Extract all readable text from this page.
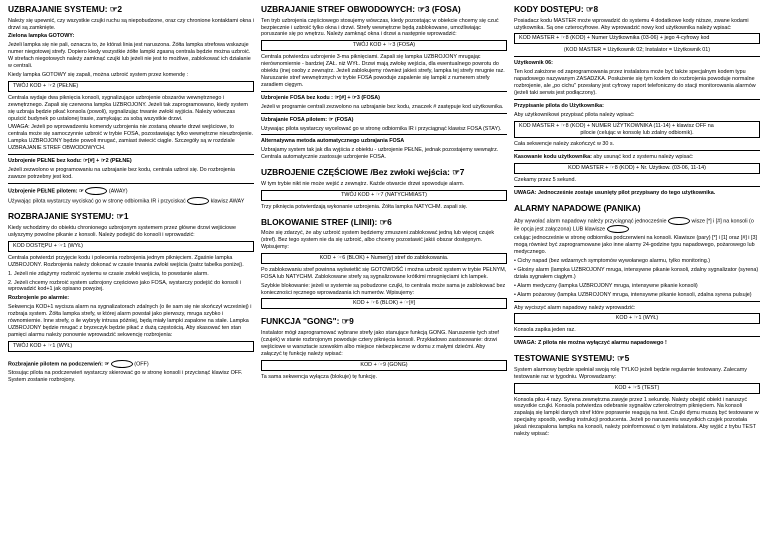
UZBRAJANIE SYSTEMU: ☞2

Należy się upewnić, czy wszystkie czujki ruchu są niepobudzone, oraz czy chronione kontaktami okna i drzwi są zamknięte.

Zielona lampka GOTOWY:

Jeżeli lampka się nie pali, oznacza to, że któraś linia jest naruszona. Żółta lampka strefowa wskazuje numer niegotowej strefy. Dopiero kiedy wszystkie żółte lampki zgasną centrala będzie można uzbroić. W strefach niegotowych należy zamknąć czujki lub jeżeli nie jest to możliwe, zablokować ich działanie w centrali.

Kiedy lampka GOTOWY się zapali, można uzbroić system przez komendę :

TWÓJ KOD + ☞2 (PEŁNE)

Centrala wydaje dwa piknięcia konsoli, sygnalizujące uzbrojenie obszarów wewnętrznego i zewnętrznego. Zapali się czerwona lampka UZBROJONY. Jeżeli tak zaprogramowano, kiedy system się uzbraja będzie pikać konsola (powoli), sygnalizując trwanie zwłoki wyjścia. Należy wówczas opuścić budynek po ustalonej trasie, zamykając za sobą wszystkie drzwi.

UWAGA: Jeżeli po wprowadzeniu komendy uzbrojenia nie zostaną otwarte drzwi wejściowe, to centrala może się samoczynnie uzbroić w trybie FOSA, pozostawiając tylko wewnętrzne nieuzbrojenie. Lampka UZBROJONY będzie powoli mrugać, zamiast świecić ciągle. Szczegóły są w rozdziale UZBRAJANIE STREF OBWODOWYCH.

Uzbrojenie PEŁNE bez kodu: ☞[#] + ☞2 (PEŁNE)

Jeżeli zezwolono w programowaniu na uzbrajanie bez kodu, centrala uzbroi się. Do rozbrojenia zawsze potrzebny jest kod.

Uzbrojenie PEŁNE pilotem: ☞	(AWAY)

Używając pilota wystarczy wyciskać go w stronę odbiornika IR i przyciskać	klawisz AWAY

ROZBRAJANIE SYSTEMU: ☞1

Kiedy wchodzimy do obiektu chronionego uzbrojonym systemem przez główne drzwi wejściowe usłyszymy powolne pikanie z konsoli. Należy podejść do konsoli i wprowadzić:

KOD DOSTĘPU + ☞1 (WYŁ)

Centrala potwierdzi przyjęcie kodu i polecenia rozbrojenia jednym piknięciem. Zgaśnie lampka UZBROJONY. Rozbrojenia należy dokonać w czasie trwania zwłoki wejścia (patrz tabelka poniżej).

1. Jeżeli nie zdążymy rozbroić systemu w czasie zwłoki wejścia, to powstanie alarm.

2. Jeżeli chcemy rozbroić system uzbrojony częściowo jako FOSA, wystarczy podejść do konsoli i wprowadzić kod+1 jak opisano powyżej.

Rozbrojenie po alarmie:

Sekwencja KOD+1 wycisza alarm na sygnalizatorach zdalnych (o ile sam się nie skończył wcześniej) i rozbraja system. Żółta lampka strefy, w której alarm powstał jako pierwszy, mruga szybko i równomiernie. Inne strefy, o ile wybryły intrusa później, będą miały lampki zapalone na stałe. Lampka UZBROJONY będzie mrugać z bryzeczyk będzie pikać z dużą częstością. Aby skasować ten stan pamięci alarmu należy ponownie wprowadzić sekwencję rozbrojenia:

TWÓJ KOD + ☞1 (WYŁ)

Rozbrajanie pilotem na podczerwień: ☞	(OFF)

Stosując pilota na podczerwień wystarczy skierować go w stronę konsoli i przycisnąć klawisz OFF. System zostanie rozbrojony.

UZBRAJANIE STREF OBWODOWYCH: ☞3 (FOSA)

Ten tryb uzbrojenia częściowego stosujemy wówczas, kiedy pozostając w obiekcie chcemy się czuć bezpiecznie i uzbroić tylko okna i drzwi. Strefy wewnętrzne będą zablokowane, umożliwiając poruszanie się po wnętrzu. Należy zamknąć okna i drzwi a następnie wprowadzić:

TWÓJ KOD + ☞3 (FOSA)

Centrala potwierdza uzbrojenie 3-ma piknięciami. Zapali się lampka UZBROJONY mrugając nierównomiernie - bardziej ZAŁ. niż WYŁ. Drzwi mają zwłokę wejścia, dla ewentualnego powrotu do obiektu (inej osoby z zewnątrz. Jeżeli zablokujemy również jakieś strefy, lampka tej strefy mrugnie raz. Naruszanie stref wewnętrznych w trybie FOSA powoduje zapalenie się lampki z numerem strefy zaradiem cięgym.

Uzbrojenie FOSA bez kodu : ☞[#] + ☞3 (FOSA)

Jeżeli w programie centrali zezwolono na uzbrajanie bez kodu, znaczek # zastępuje kod użytkownika.

Uzbrajanie FOSA pilotem: ☞ (FOSA)

Używając pilota wystarczy wycelować go w stronę odbiornika IR i przyciągnąć klawisz FOSA (STAY).

Alternatywna metoda automatycznego uzbrajania FOSA

Uzbrajamy system tak jak dla wyjścia z obiektu - uzbrojenie PEŁNE, jednak pozostajemy wewnątrz. Centrala automatycznie zastosuje uzbrojenie FOSA.

UZBROJENIE CZĘŚCIOWE /Bez zwłoki wejścia: ☞7

W tym trybie nikt nie może wejść z zewnątrz. Każde otwarcie drzwi spowoduje alarm.

TWÓJ KOD + ☞7 (NATYCHMIAST)

Trzy piknięcia potwierdzają wykonanie uzbrojenia. Żółta lampka NATYCHM. zapali się.

BLOKOWANIE STREF (LINII): ☞6

Może się zdarzyć, że aby uzbroić system będziemy zmuszeni zablokować jedną lub więcej czujek (stref). Bez tego system nie da się uzbroić, albo chcemy pozostawić jakiś obszar dostępnym. Wpisujemy:

KOD + ☞6 (BLOK) + Numer(y) stref do zablokowania.

Po zablokowaniu stref powinna wyświetlić się GOTOWOŚĆ i można uzbroić system w trybie PEŁNYM, FOSA lub NATYCHM. Zablokowane strefy są sygnalizowane krótkimi mrugnięciami ich lampek.

Szybkie blokowanie: jeżeli w systemie są pobudzone czujki, to centrala może sama je zablokować bez konieczności ręcznego wprowadzania ich numerów. Wpisujemy:

KOD + ☞6 (BLOK) + ☞[#]
FUNKCJA "GONG": ☞9

Instalator mógł zaprogramować wybrane strefy jako stanujące funkcją GONG. Naruszenie tych stref (czujek) w stanie rozbrojonym powoduje cztery piknięcia konsoli. Przykładowo zastosowanie: drzwi wejściowe w warsztacie szewskim albo miejsce niebezpieczne w domu z małymi dziećmi. Aby załączyć tę funkcję należy wpisać:

KOD + ☞9 (GONG)

Ta sama sekwencja wyłącza (blokuje) tę funkcję.

KODY DOSTĘPU: ☞8

Posiadacz kodu MASTER może wprowadzić do systemu 4 dodatkowe kody niższe, zwane kodami użytkownika. Są one czterocyfrowe. Aby wprowadzić nowy kod użytkownika należy wpisać:

KOD MASTER + ☞8 (KOD) + Numer Użytkownika (03-06) + jego 4-cyfrowy kod

(KOD MASTER = Użytkownik 02; Instalator = Użytkownik 01)

Użytkownik 06:

Ten kod założone od zaprogramowania przez instalatora może być także specjalnym kodem typu napadowego nazywanym ZASADZKA. Posłużenie się tym kodem do rozbrojenia powoduje normalne rozbrojenie, ale „po cichu" przesłany jest cyfrowy raport telefoniczny do stacji monitorowania alarmów (jeżeli taki serwis jest podłączony).

Przypisanie pilota do Użytkownika:

Aby użytkownikowi przypisać pilota należy wpisać:

KOD MASTER + ☞8 (KOD) + NUMER UŻYTKOWNIKA (11-14) + klawisz OFF na
pilocie (celując w konsolę lub zdalny odbiornik).

Cała sekwencje należy zakończyć w 30 s.

Kasowanie kodu użytkownika: aby usunąć kod z systemu należy wpisać:

KOD MASTER + ☞8 (KOD) + Nr. Użytkow. (03-06, 11-14)

Czekamy przez 5 sekund.

UWAGA: Jednocześnie zostaje usunięty pilot przypisany do tego użytkownika.

ALARMY NAPADOWE (PANIKA)

Aby wywołać alarm napadowy należy przyciągnąć jednocześnie	wisze [*] i [#] na konsoli (o ile opcja jest załączona) LUB klawisze

celując jednocześnie w stronę odbiornika podczerwieni na konsoli. Klawisze (pary) [*] i [1] oraz [#] i [3] mogą również być zaprogramowane jako inne alarmy 24-godzine typu napadowego, pożarowego lub medycznego.

• Cichy napad (bez wdzarnych symptomów wywołanego alarmu, tylko monitoring.)

• Głośny alarm (lampka UZBROJONY mruga, intensywne pikanie konsoli, zdalny sygnalizator (syrena) działa sygnałem ciągłym.)

• Alarm medyczny (lampka UZBROJONY mruga, intensywne pikanie konsoli)

• Alarm pożarowy (lampka UZBROJONY mruga, intensywne pikanie konsoli, zdalna syrena pulsuje)

Aby wyciszyć alarm napadowy należy wprowadzić:

KOD + ☞1 (WYŁ)

Konsola zapika jeden raz.

UWAGA: Z pilota nie można wyłączyć alarmu napadowego !

TESTOWANIE SYSTEMU: ☞5

System alarmowy będzie spełniał swoją rolę TYLKO jeżeli będzie regularnie testowany. Zalecamy testowanie raz w tygodniu. Wprowadzamy:

KOD + ☞5 (TEST)

Konsola piku 4 razy. Syrena zewnętrzna zawyje przez 1 sekundę. Należy obejść obiekt i naruszyć wszystkie czujki. Konsola potwierdza odebranie sygnałów czterokrotnym piknięciem. Na konsoli zapalają się lampki danych stref które poprawnie reagują na test. Czujki dymu muszą być testowane w specjalny sposób, według instrukcji producenta. Jeżeli po naruszeniu wszystkich czujek pozostała jakaś niezapalona lampka na konsoli, należy poinformować o tym instalatora. Aby wyjść z trybu TEST należy wpisać:
